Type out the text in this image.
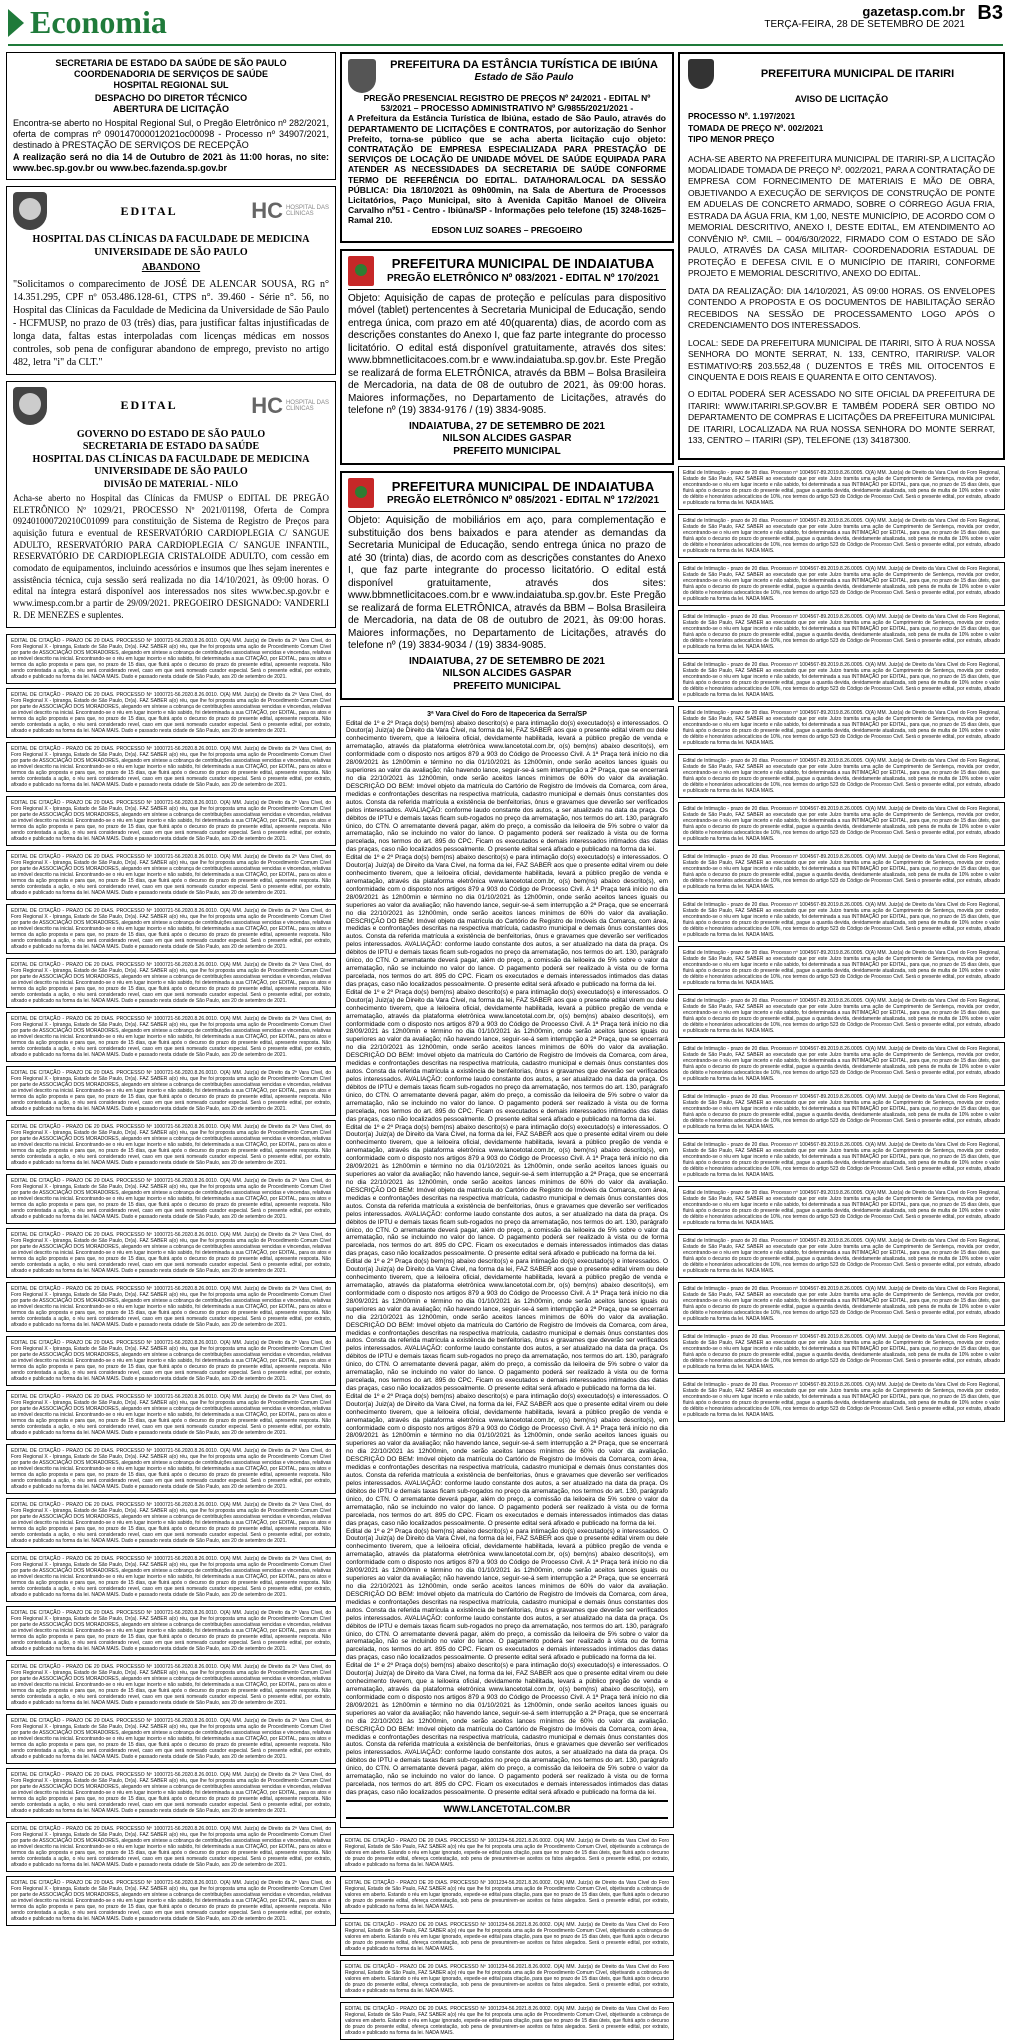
Economia	gazetasp.com.br
TERÇA-FEIRA, 28 DE SETEMBRO DE 2021
B3
SECRETARIA DE ESTADO DA SAÚDE DE SÃO PAULO
COORDENADORIA DE SERVIÇOS DE SAÚDE
HOSPITAL REGIONAL SUL
DESPACHO DO DIRETOR TÉCNICO
ABERTURA DE LICITAÇÃO

Encontra-se aberto no Hospital Regional Sul, o Pregão Eletrônico nº 282/2021, oferta de compras nº 090147000012021oc00098 - Processo nº 34907/2021, destinado à PRESTAÇÃO DE SERVIÇOS DE RECEPÇÃO

A realização será no dia 14 de Outubro de 2021 às 11:00 horas, no site: www.bec.sp.gov.br ou www.bec.fazenda.sp.gov.br

EDITAL	HC HOSPITAL DAS
CLÍNICAS
HOSPITAL DAS CLÍNICAS DA FACULDADE DE MEDICINA
UNIVERSIDADE DE SÃO PAULO
ABANDONO

"Solicitamos o comparecimento de JOSÉ DE ALENCAR SOUSA, RG n° 14.351.295, CPF nº 053.486.128-61, CTPS n°. 39.460 - Série n°. 56, no Hospital das Clínicas da Faculdade de Medicina da Universidade de São Paulo - HCFMUSP, no prazo de 03 (três) dias, para justificar faltas injustificadas de longa data, faltas estas interpoladas com licenças médicas em nossos controles, sob pena de configurar abandono de emprego, previsto no artigo 482, letra "i" da CLT."

EDITAL	HC HOSPITAL DAS
CLÍNICAS
GOVERNO DO ESTADO DE SÃO PAULO
SECRETARIA DE ESTADO DA SAÚDE
HOSPITAL DAS CLÍNICAS DA FACULDADE DE MEDICINA
UNIVERSIDADE DE SÃO PAULO
DIVISÃO DE MATERIAL - NILO

Acha-se aberto no Hospital das Clínicas da FMUSP o EDITAL DE PREGÃO ELETRÔNICO Nº 1029/21, PROCESSO Nº 2021/01198, Oferta de Compra 092401000720210C01099 para constituição de Sistema de Registro de Preços para aquisição futura e eventual de RESERVATÓRIO CARDIOPLEGIA C/ SANGUE ADULTO, RESERVATÓRIO PARA CARDIOPLEGIA C/ SANGUE INFANTIL, RESERVATÓRIO DE CARDIOPLEGIA CRISTALOIDE ADULTO, com cessão em comodato de equipamentos, incluindo acessórios e insumos que lhes sejam inerentes e assistência técnica, cuja sessão será realizada no dia 14/10/2021, às 09:00 horas. O edital na íntegra estará disponível aos interessados nos sites www.bec.sp.gov.br e www.imesp.com.br a partir de 29/09/2021. PREGOEIRO DESIGNADO: VANDERLI R. DE MENEZES e suplentes.

EDITAL DE CITAÇÃO - PRAZO DE 20 DIAS. PROCESSO Nº 1000721-56.2020.8.26.0010. O(A) MM. Juiz(a) de Direito da 2ª Vara Cível, do Foro Regional X - Ipiranga, Estado de São Paulo, Dr(a). FAZ SABER a(o) réu, que lhe foi proposta uma ação de Procedimento Comum Cível por parte de ASSOCIAÇÃO DOS MORADORES, alegando em síntese a cobrança de contribuições associativas vencidas e vincendas, relativas ao imóvel descrito na inicial. Encontrando-se o réu em lugar incerto e não sabido, foi determinada a sua CITAÇÃO, por EDITAL, para os atos e termos da ação proposta e para que, no prazo de 15 dias, que fluirá após o decurso do prazo do presente edital, apresente resposta. Não sendo contestada a ação, o réu será considerado revel, caso em que será nomeado curador especial. Será o presente edital, por extrato, afixado e publicado na forma da lei. NADA MAIS. Dado e passado nesta cidade de São Paulo, aos 20 de setembro de 2021.

EDITAL DE CITAÇÃO - PRAZO DE 20 DIAS. PROCESSO Nº 1000721-56.2020.8.26.0010. O(A) MM. Juiz(a) de Direito da 2ª Vara Cível, do Foro Regional X - Ipiranga, Estado de São Paulo, Dr(a). FAZ SABER a(o) réu, que lhe foi proposta uma ação de Procedimento Comum Cível por parte de ASSOCIAÇÃO DOS MORADORES, alegando em síntese a cobrança de contribuições associativas vencidas e vincendas, relativas ao imóvel descrito na inicial. Encontrando-se o réu em lugar incerto e não sabido, foi determinada a sua CITAÇÃO, por EDITAL, para os atos e termos da ação proposta e para que, no prazo de 15 dias, que fluirá após o decurso do prazo do presente edital, apresente resposta. Não sendo contestada a ação, o réu será considerado revel, caso em que será nomeado curador especial. Será o presente edital, por extrato, afixado e publicado na forma da lei. NADA MAIS. Dado e passado nesta cidade de São Paulo, aos 20 de setembro de 2021.

EDITAL DE CITAÇÃO - PRAZO DE 20 DIAS. PROCESSO Nº 1000721-56.2020.8.26.0010. O(A) MM. Juiz(a) de Direito da 2ª Vara Cível, do Foro Regional X - Ipiranga, Estado de São Paulo, Dr(a). FAZ SABER a(o) réu, que lhe foi proposta uma ação de Procedimento Comum Cível por parte de ASSOCIAÇÃO DOS MORADORES, alegando em síntese a cobrança de contribuições associativas vencidas e vincendas, relativas ao imóvel descrito na inicial. Encontrando-se o réu em lugar incerto e não sabido, foi determinada a sua CITAÇÃO, por EDITAL, para os atos e termos da ação proposta e para que, no prazo de 15 dias, que fluirá após o decurso do prazo do presente edital, apresente resposta. Não sendo contestada a ação, o réu será considerado revel, caso em que será nomeado curador especial. Será o presente edital, por extrato, afixado e publicado na forma da lei. NADA MAIS. Dado e passado nesta cidade de São Paulo, aos 20 de setembro de 2021.

EDITAL DE CITAÇÃO - PRAZO DE 20 DIAS. PROCESSO Nº 1000721-56.2020.8.26.0010. O(A) MM. Juiz(a) de Direito da 2ª Vara Cível, do Foro Regional X - Ipiranga, Estado de São Paulo, Dr(a). FAZ SABER a(o) réu, que lhe foi proposta uma ação de Procedimento Comum Cível por parte de ASSOCIAÇÃO DOS MORADORES, alegando em síntese a cobrança de contribuições associativas vencidas e vincendas, relativas ao imóvel descrito na inicial. Encontrando-se o réu em lugar incerto e não sabido, foi determinada a sua CITAÇÃO, por EDITAL, para os atos e termos da ação proposta e para que, no prazo de 15 dias, que fluirá após o decurso do prazo do presente edital, apresente resposta. Não sendo contestada a ação, o réu será considerado revel, caso em que será nomeado curador especial. Será o presente edital, por extrato, afixado e publicado na forma da lei. NADA MAIS. Dado e passado nesta cidade de São Paulo, aos 20 de setembro de 2021.

EDITAL DE CITAÇÃO - PRAZO DE 20 DIAS. PROCESSO Nº 1000721-56.2020.8.26.0010. O(A) MM. Juiz(a) de Direito da 2ª Vara Cível, do Foro Regional X - Ipiranga, Estado de São Paulo, Dr(a). FAZ SABER a(o) réu, que lhe foi proposta uma ação de Procedimento Comum Cível por parte de ASSOCIAÇÃO DOS MORADORES, alegando em síntese a cobrança de contribuições associativas vencidas e vincendas, relativas ao imóvel descrito na inicial. Encontrando-se o réu em lugar incerto e não sabido, foi determinada a sua CITAÇÃO, por EDITAL, para os atos e termos da ação proposta e para que, no prazo de 15 dias, que fluirá após o decurso do prazo do presente edital, apresente resposta. Não sendo contestada a ação, o réu será considerado revel, caso em que será nomeado curador especial. Será o presente edital, por extrato, afixado e publicado na forma da lei. NADA MAIS. Dado e passado nesta cidade de São Paulo, aos 20 de setembro de 2021.

EDITAL DE CITAÇÃO - PRAZO DE 20 DIAS. PROCESSO Nº 1000721-56.2020.8.26.0010. O(A) MM. Juiz(a) de Direito da 2ª Vara Cível, do Foro Regional X - Ipiranga, Estado de São Paulo, Dr(a). FAZ SABER a(o) réu, que lhe foi proposta uma ação de Procedimento Comum Cível por parte de ASSOCIAÇÃO DOS MORADORES, alegando em síntese a cobrança de contribuições associativas vencidas e vincendas, relativas ao imóvel descrito na inicial. Encontrando-se o réu em lugar incerto e não sabido, foi determinada a sua CITAÇÃO, por EDITAL, para os atos e termos da ação proposta e para que, no prazo de 15 dias, que fluirá após o decurso do prazo do presente edital, apresente resposta. Não sendo contestada a ação, o réu será considerado revel, caso em que será nomeado curador especial. Será o presente edital, por extrato, afixado e publicado na forma da lei. NADA MAIS. Dado e passado nesta cidade de São Paulo, aos 20 de setembro de 2021.

EDITAL DE CITAÇÃO - PRAZO DE 20 DIAS. PROCESSO Nº 1000721-56.2020.8.26.0010. O(A) MM. Juiz(a) de Direito da 2ª Vara Cível, do Foro Regional X - Ipiranga, Estado de São Paulo, Dr(a). FAZ SABER a(o) réu, que lhe foi proposta uma ação de Procedimento Comum Cível por parte de ASSOCIAÇÃO DOS MORADORES, alegando em síntese a cobrança de contribuições associativas vencidas e vincendas, relativas ao imóvel descrito na inicial. Encontrando-se o réu em lugar incerto e não sabido, foi determinada a sua CITAÇÃO, por EDITAL, para os atos e termos da ação proposta e para que, no prazo de 15 dias, que fluirá após o decurso do prazo do presente edital, apresente resposta. Não sendo contestada a ação, o réu será considerado revel, caso em que será nomeado curador especial. Será o presente edital, por extrato, afixado e publicado na forma da lei. NADA MAIS. Dado e passado nesta cidade de São Paulo, aos 20 de setembro de 2021.

EDITAL DE CITAÇÃO - PRAZO DE 20 DIAS. PROCESSO Nº 1000721-56.2020.8.26.0010. O(A) MM. Juiz(a) de Direito da 2ª Vara Cível, do Foro Regional X - Ipiranga, Estado de São Paulo, Dr(a). FAZ SABER a(o) réu, que lhe foi proposta uma ação de Procedimento Comum Cível por parte de ASSOCIAÇÃO DOS MORADORES, alegando em síntese a cobrança de contribuições associativas vencidas e vincendas, relativas ao imóvel descrito na inicial. Encontrando-se o réu em lugar incerto e não sabido, foi determinada a sua CITAÇÃO, por EDITAL, para os atos e termos da ação proposta e para que, no prazo de 15 dias, que fluirá após o decurso do prazo do presente edital, apresente resposta. Não sendo contestada a ação, o réu será considerado revel, caso em que será nomeado curador especial. Será o presente edital, por extrato, afixado e publicado na forma da lei. NADA MAIS. Dado e passado nesta cidade de São Paulo, aos 20 de setembro de 2021.

EDITAL DE CITAÇÃO - PRAZO DE 20 DIAS. PROCESSO Nº 1000721-56.2020.8.26.0010. O(A) MM. Juiz(a) de Direito da 2ª Vara Cível, do Foro Regional X - Ipiranga, Estado de São Paulo, Dr(a). FAZ SABER a(o) réu, que lhe foi proposta uma ação de Procedimento Comum Cível por parte de ASSOCIAÇÃO DOS MORADORES, alegando em síntese a cobrança de contribuições associativas vencidas e vincendas, relativas ao imóvel descrito na inicial. Encontrando-se o réu em lugar incerto e não sabido, foi determinada a sua CITAÇÃO, por EDITAL, para os atos e termos da ação proposta e para que, no prazo de 15 dias, que fluirá após o decurso do prazo do presente edital, apresente resposta. Não sendo contestada a ação, o réu será considerado revel, caso em que será nomeado curador especial. Será o presente edital, por extrato, afixado e publicado na forma da lei. NADA MAIS. Dado e passado nesta cidade de São Paulo, aos 20 de setembro de 2021.

EDITAL DE CITAÇÃO - PRAZO DE 20 DIAS. PROCESSO Nº 1000721-56.2020.8.26.0010. O(A) MM. Juiz(a) de Direito da 2ª Vara Cível, do Foro Regional X - Ipiranga, Estado de São Paulo, Dr(a). FAZ SABER a(o) réu, que lhe foi proposta uma ação de Procedimento Comum Cível por parte de ASSOCIAÇÃO DOS MORADORES, alegando em síntese a cobrança de contribuições associativas vencidas e vincendas, relativas ao imóvel descrito na inicial. Encontrando-se o réu em lugar incerto e não sabido, foi determinada a sua CITAÇÃO, por EDITAL, para os atos e termos da ação proposta e para que, no prazo de 15 dias, que fluirá após o decurso do prazo do presente edital, apresente resposta. Não sendo contestada a ação, o réu será considerado revel, caso em que será nomeado curador especial. Será o presente edital, por extrato, afixado e publicado na forma da lei. NADA MAIS. Dado e passado nesta cidade de São Paulo, aos 20 de setembro de 2021.

EDITAL DE CITAÇÃO - PRAZO DE 20 DIAS. PROCESSO Nº 1000721-56.2020.8.26.0010. O(A) MM. Juiz(a) de Direito da 2ª Vara Cível, do Foro Regional X - Ipiranga, Estado de São Paulo, Dr(a). FAZ SABER a(o) réu, que lhe foi proposta uma ação de Procedimento Comum Cível por parte de ASSOCIAÇÃO DOS MORADORES, alegando em síntese a cobrança de contribuições associativas vencidas e vincendas, relativas ao imóvel descrito na inicial. Encontrando-se o réu em lugar incerto e não sabido, foi determinada a sua CITAÇÃO, por EDITAL, para os atos e termos da ação proposta e para que, no prazo de 15 dias, que fluirá após o decurso do prazo do presente edital, apresente resposta. Não sendo contestada a ação, o réu será considerado revel, caso em que será nomeado curador especial. Será o presente edital, por extrato, afixado e publicado na forma da lei. NADA MAIS. Dado e passado nesta cidade de São Paulo, aos 20 de setembro de 2021.

EDITAL DE CITAÇÃO - PRAZO DE 20 DIAS. PROCESSO Nº 1000721-56.2020.8.26.0010. O(A) MM. Juiz(a) de Direito da 2ª Vara Cível, do Foro Regional X - Ipiranga, Estado de São Paulo, Dr(a). FAZ SABER a(o) réu, que lhe foi proposta uma ação de Procedimento Comum Cível por parte de ASSOCIAÇÃO DOS MORADORES, alegando em síntese a cobrança de contribuições associativas vencidas e vincendas, relativas ao imóvel descrito na inicial. Encontrando-se o réu em lugar incerto e não sabido, foi determinada a sua CITAÇÃO, por EDITAL, para os atos e termos da ação proposta e para que, no prazo de 15 dias, que fluirá após o decurso do prazo do presente edital, apresente resposta. Não sendo contestada a ação, o réu será considerado revel, caso em que será nomeado curador especial. Será o presente edital, por extrato, afixado e publicado na forma da lei. NADA MAIS. Dado e passado nesta cidade de São Paulo, aos 20 de setembro de 2021.

EDITAL DE CITAÇÃO - PRAZO DE 20 DIAS. PROCESSO Nº 1000721-56.2020.8.26.0010. O(A) MM. Juiz(a) de Direito da 2ª Vara Cível, do Foro Regional X - Ipiranga, Estado de São Paulo, Dr(a). FAZ SABER a(o) réu, que lhe foi proposta uma ação de Procedimento Comum Cível por parte de ASSOCIAÇÃO DOS MORADORES, alegando em síntese a cobrança de contribuições associativas vencidas e vincendas, relativas ao imóvel descrito na inicial. Encontrando-se o réu em lugar incerto e não sabido, foi determinada a sua CITAÇÃO, por EDITAL, para os atos e termos da ação proposta e para que, no prazo de 15 dias, que fluirá após o decurso do prazo do presente edital, apresente resposta. Não sendo contestada a ação, o réu será considerado revel, caso em que será nomeado curador especial. Será o presente edital, por extrato, afixado e publicado na forma da lei. NADA MAIS. Dado e passado nesta cidade de São Paulo, aos 20 de setembro de 2021.

EDITAL DE CITAÇÃO - PRAZO DE 20 DIAS. PROCESSO Nº 1000721-56.2020.8.26.0010. O(A) MM. Juiz(a) de Direito da 2ª Vara Cível, do Foro Regional X - Ipiranga, Estado de São Paulo, Dr(a). FAZ SABER a(o) réu, que lhe foi proposta uma ação de Procedimento Comum Cível por parte de ASSOCIAÇÃO DOS MORADORES, alegando em síntese a cobrança de contribuições associativas vencidas e vincendas, relativas ao imóvel descrito na inicial. Encontrando-se o réu em lugar incerto e não sabido, foi determinada a sua CITAÇÃO, por EDITAL, para os atos e termos da ação proposta e para que, no prazo de 15 dias, que fluirá após o decurso do prazo do presente edital, apresente resposta. Não sendo contestada a ação, o réu será considerado revel, caso em que será nomeado curador especial. Será o presente edital, por extrato, afixado e publicado na forma da lei. NADA MAIS. Dado e passado nesta cidade de São Paulo, aos 20 de setembro de 2021.

EDITAL DE CITAÇÃO - PRAZO DE 20 DIAS. PROCESSO Nº 1000721-56.2020.8.26.0010. O(A) MM. Juiz(a) de Direito da 2ª Vara Cível, do Foro Regional X - Ipiranga, Estado de São Paulo, Dr(a). FAZ SABER a(o) réu, que lhe foi proposta uma ação de Procedimento Comum Cível por parte de ASSOCIAÇÃO DOS MORADORES, alegando em síntese a cobrança de contribuições associativas vencidas e vincendas, relativas ao imóvel descrito na inicial. Encontrando-se o réu em lugar incerto e não sabido, foi determinada a sua CITAÇÃO, por EDITAL, para os atos e termos da ação proposta e para que, no prazo de 15 dias, que fluirá após o decurso do prazo do presente edital, apresente resposta. Não sendo contestada a ação, o réu será considerado revel, caso em que será nomeado curador especial. Será o presente edital, por extrato, afixado e publicado na forma da lei. NADA MAIS. Dado e passado nesta cidade de São Paulo, aos 20 de setembro de 2021.

EDITAL DE CITAÇÃO - PRAZO DE 20 DIAS. PROCESSO Nº 1000721-56.2020.8.26.0010. O(A) MM. Juiz(a) de Direito da 2ª Vara Cível, do Foro Regional X - Ipiranga, Estado de São Paulo, Dr(a). FAZ SABER a(o) réu, que lhe foi proposta uma ação de Procedimento Comum Cível por parte de ASSOCIAÇÃO DOS MORADORES, alegando em síntese a cobrança de contribuições associativas vencidas e vincendas, relativas ao imóvel descrito na inicial. Encontrando-se o réu em lugar incerto e não sabido, foi determinada a sua CITAÇÃO, por EDITAL, para os atos e termos da ação proposta e para que, no prazo de 15 dias, que fluirá após o decurso do prazo do presente edital, apresente resposta. Não sendo contestada a ação, o réu será considerado revel, caso em que será nomeado curador especial. Será o presente edital, por extrato, afixado e publicado na forma da lei. NADA MAIS. Dado e passado nesta cidade de São Paulo, aos 20 de setembro de 2021.

EDITAL DE CITAÇÃO - PRAZO DE 20 DIAS. PROCESSO Nº 1000721-56.2020.8.26.0010. O(A) MM. Juiz(a) de Direito da 2ª Vara Cível, do Foro Regional X - Ipiranga, Estado de São Paulo, Dr(a). FAZ SABER a(o) réu, que lhe foi proposta uma ação de Procedimento Comum Cível por parte de ASSOCIAÇÃO DOS MORADORES, alegando em síntese a cobrança de contribuições associativas vencidas e vincendas, relativas ao imóvel descrito na inicial. Encontrando-se o réu em lugar incerto e não sabido, foi determinada a sua CITAÇÃO, por EDITAL, para os atos e termos da ação proposta e para que, no prazo de 15 dias, que fluirá após o decurso do prazo do presente edital, apresente resposta. Não sendo contestada a ação, o réu será considerado revel, caso em que será nomeado curador especial. Será o presente edital, por extrato, afixado e publicado na forma da lei. NADA MAIS. Dado e passado nesta cidade de São Paulo, aos 20 de setembro de 2021.

EDITAL DE CITAÇÃO - PRAZO DE 20 DIAS. PROCESSO Nº 1000721-56.2020.8.26.0010. O(A) MM. Juiz(a) de Direito da 2ª Vara Cível, do Foro Regional X - Ipiranga, Estado de São Paulo, Dr(a). FAZ SABER a(o) réu, que lhe foi proposta uma ação de Procedimento Comum Cível por parte de ASSOCIAÇÃO DOS MORADORES, alegando em síntese a cobrança de contribuições associativas vencidas e vincendas, relativas ao imóvel descrito na inicial. Encontrando-se o réu em lugar incerto e não sabido, foi determinada a sua CITAÇÃO, por EDITAL, para os atos e termos da ação proposta e para que, no prazo de 15 dias, que fluirá após o decurso do prazo do presente edital, apresente resposta. Não sendo contestada a ação, o réu será considerado revel, caso em que será nomeado curador especial. Será o presente edital, por extrato, afixado e publicado na forma da lei. NADA MAIS. Dado e passado nesta cidade de São Paulo, aos 20 de setembro de 2021.

EDITAL DE CITAÇÃO - PRAZO DE 20 DIAS. PROCESSO Nº 1000721-56.2020.8.26.0010. O(A) MM. Juiz(a) de Direito da 2ª Vara Cível, do Foro Regional X - Ipiranga, Estado de São Paulo, Dr(a). FAZ SABER a(o) réu, que lhe foi proposta uma ação de Procedimento Comum Cível por parte de ASSOCIAÇÃO DOS MORADORES, alegando em síntese a cobrança de contribuições associativas vencidas e vincendas, relativas ao imóvel descrito na inicial. Encontrando-se o réu em lugar incerto e não sabido, foi determinada a sua CITAÇÃO, por EDITAL, para os atos e termos da ação proposta e para que, no prazo de 15 dias, que fluirá após o decurso do prazo do presente edital, apresente resposta. Não sendo contestada a ação, o réu será considerado revel, caso em que será nomeado curador especial. Será o presente edital, por extrato, afixado e publicado na forma da lei. NADA MAIS. Dado e passado nesta cidade de São Paulo, aos 20 de setembro de 2021.

EDITAL DE CITAÇÃO - PRAZO DE 20 DIAS. PROCESSO Nº 1000721-56.2020.8.26.0010. O(A) MM. Juiz(a) de Direito da 2ª Vara Cível, do Foro Regional X - Ipiranga, Estado de São Paulo, Dr(a). FAZ SABER a(o) réu, que lhe foi proposta uma ação de Procedimento Comum Cível por parte de ASSOCIAÇÃO DOS MORADORES, alegando em síntese a cobrança de contribuições associativas vencidas e vincendas, relativas ao imóvel descrito na inicial. Encontrando-se o réu em lugar incerto e não sabido, foi determinada a sua CITAÇÃO, por EDITAL, para os atos e termos da ação proposta e para que, no prazo de 15 dias, que fluirá após o decurso do prazo do presente edital, apresente resposta. Não sendo contestada a ação, o réu será considerado revel, caso em que será nomeado curador especial. Será o presente edital, por extrato, afixado e publicado na forma da lei. NADA MAIS. Dado e passado nesta cidade de São Paulo, aos 20 de setembro de 2021.

EDITAL DE CITAÇÃO - PRAZO DE 20 DIAS. PROCESSO Nº 1000721-56.2020.8.26.0010. O(A) MM. Juiz(a) de Direito da 2ª Vara Cível, do Foro Regional X - Ipiranga, Estado de São Paulo, Dr(a). FAZ SABER a(o) réu, que lhe foi proposta uma ação de Procedimento Comum Cível por parte de ASSOCIAÇÃO DOS MORADORES, alegando em síntese a cobrança de contribuições associativas vencidas e vincendas, relativas ao imóvel descrito na inicial. Encontrando-se o réu em lugar incerto e não sabido, foi determinada a sua CITAÇÃO, por EDITAL, para os atos e termos da ação proposta e para que, no prazo de 15 dias, que fluirá após o decurso do prazo do presente edital, apresente resposta. Não sendo contestada a ação, o réu será considerado revel, caso em que será nomeado curador especial. Será o presente edital, por extrato, afixado e publicado na forma da lei. NADA MAIS. Dado e passado nesta cidade de São Paulo, aos 20 de setembro de 2021.

EDITAL DE CITAÇÃO - PRAZO DE 20 DIAS. PROCESSO Nº 1000721-56.2020.8.26.0010. O(A) MM. Juiz(a) de Direito da 2ª Vara Cível, do Foro Regional X - Ipiranga, Estado de São Paulo, Dr(a). FAZ SABER a(o) réu, que lhe foi proposta uma ação de Procedimento Comum Cível por parte de ASSOCIAÇÃO DOS MORADORES, alegando em síntese a cobrança de contribuições associativas vencidas e vincendas, relativas ao imóvel descrito na inicial. Encontrando-se o réu em lugar incerto e não sabido, foi determinada a sua CITAÇÃO, por EDITAL, para os atos e termos da ação proposta e para que, no prazo de 15 dias, que fluirá após o decurso do prazo do presente edital, apresente resposta. Não sendo contestada a ação, o réu será considerado revel, caso em que será nomeado curador especial. Será o presente edital, por extrato, afixado e publicado na forma da lei. NADA MAIS. Dado e passado nesta cidade de São Paulo, aos 20 de setembro de 2021.

EDITAL DE CITAÇÃO - PRAZO DE 20 DIAS. PROCESSO Nº 1000721-56.2020.8.26.0010. O(A) MM. Juiz(a) de Direito da 2ª Vara Cível, do Foro Regional X - Ipiranga, Estado de São Paulo, Dr(a). FAZ SABER a(o) réu, que lhe foi proposta uma ação de Procedimento Comum Cível por parte de ASSOCIAÇÃO DOS MORADORES, alegando em síntese a cobrança de contribuições associativas vencidas e vincendas, relativas ao imóvel descrito na inicial. Encontrando-se o réu em lugar incerto e não sabido, foi determinada a sua CITAÇÃO, por EDITAL, para os atos e termos da ação proposta e para que, no prazo de 15 dias, que fluirá após o decurso do prazo do presente edital, apresente resposta. Não sendo contestada a ação, o réu será considerado revel, caso em que será nomeado curador especial. Será o presente edital, por extrato, afixado e publicado na forma da lei. NADA MAIS. Dado e passado nesta cidade de São Paulo, aos 20 de setembro de 2021.

EDITAL DE CITAÇÃO - PRAZO DE 20 DIAS. PROCESSO Nº 1000721-56.2020.8.26.0010. O(A) MM. Juiz(a) de Direito da 2ª Vara Cível, do Foro Regional X - Ipiranga, Estado de São Paulo, Dr(a). FAZ SABER a(o) réu, que lhe foi proposta uma ação de Procedimento Comum Cível por parte de ASSOCIAÇÃO DOS MORADORES, alegando em síntese a cobrança de contribuições associativas vencidas e vincendas, relativas ao imóvel descrito na inicial. Encontrando-se o réu em lugar incerto e não sabido, foi determinada a sua CITAÇÃO, por EDITAL, para os atos e termos da ação proposta e para que, no prazo de 15 dias, que fluirá após o decurso do prazo do presente edital, apresente resposta. Não sendo contestada a ação, o réu será considerado revel, caso em que será nomeado curador especial. Será o presente edital, por extrato, afixado e publicado na forma da lei. NADA MAIS. Dado e passado nesta cidade de São Paulo, aos 20 de setembro de 2021.

PREFEITURA DA ESTÂNCIA TURÍSTICA DE IBIÚNA
Estado de São Paulo

PREGÃO PRESENCIAL REGISTRO DE PREÇOS Nº 24/2021 - EDITAL Nº 53/2021 – PROCESSO ADMINISTRATIVO Nº G/9855/2021/2021 -

A Prefeitura da Estância Turística de Ibiúna, estado de São Paulo, através do DEPARTAMENTO DE LICITAÇÕES E CONTRATOS, por autorização do Senhor Prefeito, torna-se público que se acha aberta licitação cujo objeto: CONTRATAÇÃO DE EMPRESA ESPECIALIZADA PARA PRESTAÇÃO DE SERVIÇOS DE LOCAÇÃO DE UNIDADE MÓVEL DE SAÚDE EQUIPADA PARA ATENDER AS NECESSIDADES DA SECRETARIA DE SAÚDE CONFORME TERMO DE REFERÊNCIA DO EDITAL. DATA/HORA/LOCAL DA SESSÃO PÚBLICA: Dia 18/10/2021 às 09h00min, na Sala de Abertura de Processos Licitatórios, Paço Municipal, sito à Avenida Capitão Manoel de Oliveira Carvalho nº51 - Centro - Ibiúna/SP - Informações pelo telefone (15) 3248-1625– Ramal 210.

EDSON LUIZ SOARES – PREGOEIRO

PREFEITURA MUNICIPAL DE INDAIATUBA
PREGÃO ELETRÔNICO Nº 083/2021 - EDITAL Nº 170/2021

Objeto: Aquisição de capas de proteção e películas para dispositivo móvel (tablet) pertencentes à Secretaria Municipal de Educação, sendo entrega única, com prazo em até 40(quarenta) dias, de acordo com as descrições constantes do Anexo I, que faz parte integrante do processo licitatório. O edital está disponível gratuitamente, através dos sites: www.bbmnetlicitacoes.com.br e www.indaiatuba.sp.gov.br. Este Pregão se realizará de forma ELETRÔNICA, através da BBM – Bolsa Brasileira de Mercadoria, na data de 08 de outubro de 2021, às 09:00 horas. Maiores informações, no Departamento de Licitações, através do telefone nº (19) 3834-9176 / (19) 3834-9085.

INDAIATUBA, 27 DE SETEMBRO DE 2021
NILSON ALCIDES GASPAR
PREFEITO MUNICIPAL
PREFEITURA MUNICIPAL DE INDAIATUBA
PREGÃO ELETRÔNICO Nº 085/2021 - EDITAL Nº 172/2021

Objeto: Aquisição de mobiliários em aço, para complementação e substituição dos bens baixados e para atender as demandas da Secretaria Municipal de Educação, sendo entrega única no prazo de até 30 (trinta) dias, de acordo com as descrições constantes do Anexo I, que faz parte integrante do processo licitatório. O edital está disponível gratuitamente, através dos sites: www.bbmnetlicitacoes.com.br e www.indaiatuba.sp.gov.br. Este Pregão se realizará de forma ELETRÔNICA, através da BBM – Bolsa Brasileira de Mercadoria, na data de 08 de outubro de 2021, às 09:00 horas. Maiores informações, no Departamento de Licitações, através do telefone nº (19) 3834-9034 / (19) 3834-9085.

INDAIATUBA, 27 DE SETEMBRO DE 2021
NILSON ALCIDES GASPAR
PREFEITO MUNICIPAL
3ª Vara Cível do Foro de Itapecerica da Serra/SP

Edital de 1º e 2º Praça do(s) bem(ns) abaixo descrito(s) e para intimação do(s) executado(s) e interessados. O Doutor(a) Juiz(a) de Direito da Vara Cível, na forma da lei, FAZ SABER aos que o presente edital virem ou dele conhecimento tiverem, que a leiloeira oficial, devidamente habilitada, levará a público pregão de venda e arrematação, através da plataforma eletrônica www.lancetotal.com.br, o(s) bem(ns) abaixo descrito(s), em conformidade com o disposto nos artigos 879 a 903 do Código de Processo Civil. A 1ª Praça terá início no dia 28/09/2021 às 12h00min e término no dia 01/10/2021 às 12h00min, onde serão aceitos lances iguais ou superiores ao valor da avaliação; não havendo lance, seguir-se-á sem interrupção a 2ª Praça, que se encerrará no dia 22/10/2021 às 12h00min, onde serão aceitos lances mínimos de 60% do valor da avaliação. DESCRIÇÃO DO BEM: Imóvel objeto da matrícula do Cartório de Registro de Imóveis da Comarca, com área, medidas e confrontações descritas na respectiva matrícula, cadastro municipal e demais ônus constantes dos autos. Consta da referida matrícula a existência de benfeitorias, ônus e gravames que deverão ser verificados pelos interessados. AVALIAÇÃO: conforme laudo constante dos autos, a ser atualizado na data da praça. Os débitos de IPTU e demais taxas ficam sub-rogados no preço da arrematação, nos termos do art. 130, parágrafo único, do CTN. O arrematante deverá pagar, além do preço, a comissão da leiloeira de 5% sobre o valor da arrematação, não se incluindo no valor do lance. O pagamento poderá ser realizado à vista ou de forma parcelada, nos termos do art. 895 do CPC. Ficam os executados e demais interessados intimados das datas das praças, caso não localizados pessoalmente. O presente edital será afixado e publicado na forma da lei.

Edital de 1º e 2º Praça do(s) bem(ns) abaixo descrito(s) e para intimação do(s) executado(s) e interessados. O Doutor(a) Juiz(a) de Direito da Vara Cível, na forma da lei, FAZ SABER aos que o presente edital virem ou dele conhecimento tiverem, que a leiloeira oficial, devidamente habilitada, levará a público pregão de venda e arrematação, através da plataforma eletrônica www.lancetotal.com.br, o(s) bem(ns) abaixo descrito(s), em conformidade com o disposto nos artigos 879 a 903 do Código de Processo Civil. A 1ª Praça terá início no dia 28/09/2021 às 12h00min e término no dia 01/10/2021 às 12h00min, onde serão aceitos lances iguais ou superiores ao valor da avaliação; não havendo lance, seguir-se-á sem interrupção a 2ª Praça, que se encerrará no dia 22/10/2021 às 12h00min, onde serão aceitos lances mínimos de 60% do valor da avaliação. DESCRIÇÃO DO BEM: Imóvel objeto da matrícula do Cartório de Registro de Imóveis da Comarca, com área, medidas e confrontações descritas na respectiva matrícula, cadastro municipal e demais ônus constantes dos autos. Consta da referida matrícula a existência de benfeitorias, ônus e gravames que deverão ser verificados pelos interessados. AVALIAÇÃO: conforme laudo constante dos autos, a ser atualizado na data da praça. Os débitos de IPTU e demais taxas ficam sub-rogados no preço da arrematação, nos termos do art. 130, parágrafo único, do CTN. O arrematante deverá pagar, além do preço, a comissão da leiloeira de 5% sobre o valor da arrematação, não se incluindo no valor do lance. O pagamento poderá ser realizado à vista ou de forma parcelada, nos termos do art. 895 do CPC. Ficam os executados e demais interessados intimados das datas das praças, caso não localizados pessoalmente. O presente edital será afixado e publicado na forma da lei.

Edital de 1º e 2º Praça do(s) bem(ns) abaixo descrito(s) e para intimação do(s) executado(s) e interessados. O Doutor(a) Juiz(a) de Direito da Vara Cível, na forma da lei, FAZ SABER aos que o presente edital virem ou dele conhecimento tiverem, que a leiloeira oficial, devidamente habilitada, levará a público pregão de venda e arrematação, através da plataforma eletrônica www.lancetotal.com.br, o(s) bem(ns) abaixo descrito(s), em conformidade com o disposto nos artigos 879 a 903 do Código de Processo Civil. A 1ª Praça terá início no dia 28/09/2021 às 12h00min e término no dia 01/10/2021 às 12h00min, onde serão aceitos lances iguais ou superiores ao valor da avaliação; não havendo lance, seguir-se-á sem interrupção a 2ª Praça, que se encerrará no dia 22/10/2021 às 12h00min, onde serão aceitos lances mínimos de 60% do valor da avaliação. DESCRIÇÃO DO BEM: Imóvel objeto da matrícula do Cartório de Registro de Imóveis da Comarca, com área, medidas e confrontações descritas na respectiva matrícula, cadastro municipal e demais ônus constantes dos autos. Consta da referida matrícula a existência de benfeitorias, ônus e gravames que deverão ser verificados pelos interessados. AVALIAÇÃO: conforme laudo constante dos autos, a ser atualizado na data da praça. Os débitos de IPTU e demais taxas ficam sub-rogados no preço da arrematação, nos termos do art. 130, parágrafo único, do CTN. O arrematante deverá pagar, além do preço, a comissão da leiloeira de 5% sobre o valor da arrematação, não se incluindo no valor do lance. O pagamento poderá ser realizado à vista ou de forma parcelada, nos termos do art. 895 do CPC. Ficam os executados e demais interessados intimados das datas das praças, caso não localizados pessoalmente. O presente edital será afixado e publicado na forma da lei.

Edital de 1º e 2º Praça do(s) bem(ns) abaixo descrito(s) e para intimação do(s) executado(s) e interessados. O Doutor(a) Juiz(a) de Direito da Vara Cível, na forma da lei, FAZ SABER aos que o presente edital virem ou dele conhecimento tiverem, que a leiloeira oficial, devidamente habilitada, levará a público pregão de venda e arrematação, através da plataforma eletrônica www.lancetotal.com.br, o(s) bem(ns) abaixo descrito(s), em conformidade com o disposto nos artigos 879 a 903 do Código de Processo Civil. A 1ª Praça terá início no dia 28/09/2021 às 12h00min e término no dia 01/10/2021 às 12h00min, onde serão aceitos lances iguais ou superiores ao valor da avaliação; não havendo lance, seguir-se-á sem interrupção a 2ª Praça, que se encerrará no dia 22/10/2021 às 12h00min, onde serão aceitos lances mínimos de 60% do valor da avaliação. DESCRIÇÃO DO BEM: Imóvel objeto da matrícula do Cartório de Registro de Imóveis da Comarca, com área, medidas e confrontações descritas na respectiva matrícula, cadastro municipal e demais ônus constantes dos autos. Consta da referida matrícula a existência de benfeitorias, ônus e gravames que deverão ser verificados pelos interessados. AVALIAÇÃO: conforme laudo constante dos autos, a ser atualizado na data da praça. Os débitos de IPTU e demais taxas ficam sub-rogados no preço da arrematação, nos termos do art. 130, parágrafo único, do CTN. O arrematante deverá pagar, além do preço, a comissão da leiloeira de 5% sobre o valor da arrematação, não se incluindo no valor do lance. O pagamento poderá ser realizado à vista ou de forma parcelada, nos termos do art. 895 do CPC. Ficam os executados e demais interessados intimados das datas das praças, caso não localizados pessoalmente. O presente edital será afixado e publicado na forma da lei.

Edital de 1º e 2º Praça do(s) bem(ns) abaixo descrito(s) e para intimação do(s) executado(s) e interessados. O Doutor(a) Juiz(a) de Direito da Vara Cível, na forma da lei, FAZ SABER aos que o presente edital virem ou dele conhecimento tiverem, que a leiloeira oficial, devidamente habilitada, levará a público pregão de venda e arrematação, através da plataforma eletrônica www.lancetotal.com.br, o(s) bem(ns) abaixo descrito(s), em conformidade com o disposto nos artigos 879 a 903 do Código de Processo Civil. A 1ª Praça terá início no dia 28/09/2021 às 12h00min e término no dia 01/10/2021 às 12h00min, onde serão aceitos lances iguais ou superiores ao valor da avaliação; não havendo lance, seguir-se-á sem interrupção a 2ª Praça, que se encerrará no dia 22/10/2021 às 12h00min, onde serão aceitos lances mínimos de 60% do valor da avaliação. DESCRIÇÃO DO BEM: Imóvel objeto da matrícula do Cartório de Registro de Imóveis da Comarca, com área, medidas e confrontações descritas na respectiva matrícula, cadastro municipal e demais ônus constantes dos autos. Consta da referida matrícula a existência de benfeitorias, ônus e gravames que deverão ser verificados pelos interessados. AVALIAÇÃO: conforme laudo constante dos autos, a ser atualizado na data da praça. Os débitos de IPTU e demais taxas ficam sub-rogados no preço da arrematação, nos termos do art. 130, parágrafo único, do CTN. O arrematante deverá pagar, além do preço, a comissão da leiloeira de 5% sobre o valor da arrematação, não se incluindo no valor do lance. O pagamento poderá ser realizado à vista ou de forma parcelada, nos termos do art. 895 do CPC. Ficam os executados e demais interessados intimados das datas das praças, caso não localizados pessoalmente. O presente edital será afixado e publicado na forma da lei.

Edital de 1º e 2º Praça do(s) bem(ns) abaixo descrito(s) e para intimação do(s) executado(s) e interessados. O Doutor(a) Juiz(a) de Direito da Vara Cível, na forma da lei, FAZ SABER aos que o presente edital virem ou dele conhecimento tiverem, que a leiloeira oficial, devidamente habilitada, levará a público pregão de venda e arrematação, através da plataforma eletrônica www.lancetotal.com.br, o(s) bem(ns) abaixo descrito(s), em conformidade com o disposto nos artigos 879 a 903 do Código de Processo Civil. A 1ª Praça terá início no dia 28/09/2021 às 12h00min e término no dia 01/10/2021 às 12h00min, onde serão aceitos lances iguais ou superiores ao valor da avaliação; não havendo lance, seguir-se-á sem interrupção a 2ª Praça, que se encerrará no dia 22/10/2021 às 12h00min, onde serão aceitos lances mínimos de 60% do valor da avaliação. DESCRIÇÃO DO BEM: Imóvel objeto da matrícula do Cartório de Registro de Imóveis da Comarca, com área, medidas e confrontações descritas na respectiva matrícula, cadastro municipal e demais ônus constantes dos autos. Consta da referida matrícula a existência de benfeitorias, ônus e gravames que deverão ser verificados pelos interessados. AVALIAÇÃO: conforme laudo constante dos autos, a ser atualizado na data da praça. Os débitos de IPTU e demais taxas ficam sub-rogados no preço da arrematação, nos termos do art. 130, parágrafo único, do CTN. O arrematante deverá pagar, além do preço, a comissão da leiloeira de 5% sobre o valor da arrematação, não se incluindo no valor do lance. O pagamento poderá ser realizado à vista ou de forma parcelada, nos termos do art. 895 do CPC. Ficam os executados e demais interessados intimados das datas das praças, caso não localizados pessoalmente. O presente edital será afixado e publicado na forma da lei.

Edital de 1º e 2º Praça do(s) bem(ns) abaixo descrito(s) e para intimação do(s) executado(s) e interessados. O Doutor(a) Juiz(a) de Direito da Vara Cível, na forma da lei, FAZ SABER aos que o presente edital virem ou dele conhecimento tiverem, que a leiloeira oficial, devidamente habilitada, levará a público pregão de venda e arrematação, através da plataforma eletrônica www.lancetotal.com.br, o(s) bem(ns) abaixo descrito(s), em conformidade com o disposto nos artigos 879 a 903 do Código de Processo Civil. A 1ª Praça terá início no dia 28/09/2021 às 12h00min e término no dia 01/10/2021 às 12h00min, onde serão aceitos lances iguais ou superiores ao valor da avaliação; não havendo lance, seguir-se-á sem interrupção a 2ª Praça, que se encerrará no dia 22/10/2021 às 12h00min, onde serão aceitos lances mínimos de 60% do valor da avaliação. DESCRIÇÃO DO BEM: Imóvel objeto da matrícula do Cartório de Registro de Imóveis da Comarca, com área, medidas e confrontações descritas na respectiva matrícula, cadastro municipal e demais ônus constantes dos autos. Consta da referida matrícula a existência de benfeitorias, ônus e gravames que deverão ser verificados pelos interessados. AVALIAÇÃO: conforme laudo constante dos autos, a ser atualizado na data da praça. Os débitos de IPTU e demais taxas ficam sub-rogados no preço da arrematação, nos termos do art. 130, parágrafo único, do CTN. O arrematante deverá pagar, além do preço, a comissão da leiloeira de 5% sobre o valor da arrematação, não se incluindo no valor do lance. O pagamento poderá ser realizado à vista ou de forma parcelada, nos termos do art. 895 do CPC. Ficam os executados e demais interessados intimados das datas das praças, caso não localizados pessoalmente. O presente edital será afixado e publicado na forma da lei.

Edital de 1º e 2º Praça do(s) bem(ns) abaixo descrito(s) e para intimação do(s) executado(s) e interessados. O Doutor(a) Juiz(a) de Direito da Vara Cível, na forma da lei, FAZ SABER aos que o presente edital virem ou dele conhecimento tiverem, que a leiloeira oficial, devidamente habilitada, levará a público pregão de venda e arrematação, através da plataforma eletrônica www.lancetotal.com.br, o(s) bem(ns) abaixo descrito(s), em conformidade com o disposto nos artigos 879 a 903 do Código de Processo Civil. A 1ª Praça terá início no dia 28/09/2021 às 12h00min e término no dia 01/10/2021 às 12h00min, onde serão aceitos lances iguais ou superiores ao valor da avaliação; não havendo lance, seguir-se-á sem interrupção a 2ª Praça, que se encerrará no dia 22/10/2021 às 12h00min, onde serão aceitos lances mínimos de 60% do valor da avaliação. DESCRIÇÃO DO BEM: Imóvel objeto da matrícula do Cartório de Registro de Imóveis da Comarca, com área, medidas e confrontações descritas na respectiva matrícula, cadastro municipal e demais ônus constantes dos autos. Consta da referida matrícula a existência de benfeitorias, ônus e gravames que deverão ser verificados pelos interessados. AVALIAÇÃO: conforme laudo constante dos autos, a ser atualizado na data da praça. Os débitos de IPTU e demais taxas ficam sub-rogados no preço da arrematação, nos termos do art. 130, parágrafo único, do CTN. O arrematante deverá pagar, além do preço, a comissão da leiloeira de 5% sobre o valor da arrematação, não se incluindo no valor do lance. O pagamento poderá ser realizado à vista ou de forma parcelada, nos termos do art. 895 do CPC. Ficam os executados e demais interessados intimados das datas das praças, caso não localizados pessoalmente. O presente edital será afixado e publicado na forma da lei.

WWW.LANCETOTAL.COM.BR

EDITAL DE CITAÇÃO - PRAZO DE 20 DIAS. PROCESSO Nº 1001234-56.2021.8.26.0002. O(A) MM. Juiz(a) de Direito da Vara Cível do Foro Regional, Estado de São Paulo, FAZ SABER a(o) réu que lhe foi proposta uma ação de Procedimento Comum Cível, objetivando a cobrança de valores em aberto. Estando o réu em lugar ignorado, expede-se edital para citação, para que no prazo de 15 dias úteis, que fluirá após o decurso do prazo do presente edital, ofereça contestação, sob pena de presumirem-se aceitos os fatos alegados. Será o presente edital, por extrato, afixado e publicado na forma da lei. NADA MAIS.

EDITAL DE CITAÇÃO - PRAZO DE 20 DIAS. PROCESSO Nº 1001234-56.2021.8.26.0002. O(A) MM. Juiz(a) de Direito da Vara Cível do Foro Regional, Estado de São Paulo, FAZ SABER a(o) réu que lhe foi proposta uma ação de Procedimento Comum Cível, objetivando a cobrança de valores em aberto. Estando o réu em lugar ignorado, expede-se edital para citação, para que no prazo de 15 dias úteis, que fluirá após o decurso do prazo do presente edital, ofereça contestação, sob pena de presumirem-se aceitos os fatos alegados. Será o presente edital, por extrato, afixado e publicado na forma da lei. NADA MAIS.

EDITAL DE CITAÇÃO - PRAZO DE 20 DIAS. PROCESSO Nº 1001234-56.2021.8.26.0002. O(A) MM. Juiz(a) de Direito da Vara Cível do Foro Regional, Estado de São Paulo, FAZ SABER a(o) réu que lhe foi proposta uma ação de Procedimento Comum Cível, objetivando a cobrança de valores em aberto. Estando o réu em lugar ignorado, expede-se edital para citação, para que no prazo de 15 dias úteis, que fluirá após o decurso do prazo do presente edital, ofereça contestação, sob pena de presumirem-se aceitos os fatos alegados. Será o presente edital, por extrato, afixado e publicado na forma da lei. NADA MAIS.

EDITAL DE CITAÇÃO - PRAZO DE 20 DIAS. PROCESSO Nº 1001234-56.2021.8.26.0002. O(A) MM. Juiz(a) de Direito da Vara Cível do Foro Regional, Estado de São Paulo, FAZ SABER a(o) réu que lhe foi proposta uma ação de Procedimento Comum Cível, objetivando a cobrança de valores em aberto. Estando o réu em lugar ignorado, expede-se edital para citação, para que no prazo de 15 dias úteis, que fluirá após o decurso do prazo do presente edital, ofereça contestação, sob pena de presumirem-se aceitos os fatos alegados. Será o presente edital, por extrato, afixado e publicado na forma da lei. NADA MAIS.

EDITAL DE CITAÇÃO - PRAZO DE 20 DIAS. PROCESSO Nº 1001234-56.2021.8.26.0002. O(A) MM. Juiz(a) de Direito da Vara Cível do Foro Regional, Estado de São Paulo, FAZ SABER a(o) réu que lhe foi proposta uma ação de Procedimento Comum Cível, objetivando a cobrança de valores em aberto. Estando o réu em lugar ignorado, expede-se edital para citação, para que no prazo de 15 dias úteis, que fluirá após o decurso do prazo do presente edital, ofereça contestação, sob pena de presumirem-se aceitos os fatos alegados. Será o presente edital, por extrato, afixado e publicado na forma da lei. NADA MAIS.

PREFEITURA MUNICIPAL DE ITARIRI
AVISO DE LICITAÇÃO
PROCESSO Nº. 1.197/2021
TOMADA DE PREÇO Nº. 002/2021
TIPO MENOR PREÇO

ACHA-SE ABERTO NA PREFEITURA MUNICIPAL DE ITARIRI-SP, A LICITAÇÃO MODALIDADE TOMADA DE PREÇO Nº. 002/2021, PARA A CONTRATAÇÃO DE EMPRESA COM FORNECIMENTO DE MATERIAIS E MÃO DE OBRA, OBJETIVANDO A EXECUÇÃO DE SERVIÇOS DE CONSTRUÇÃO DE PONTE EM ADUELAS DE CONCRETO ARMADO, SOBRE O CÓRREGO ÁGUA FRIA, ESTRADA DA ÁGUA FRIA, KM 1,00, NESTE MUNICÍPIO, DE ACORDO COM O MEMORIAL DESCRITIVO, ANEXO I, DESTE EDITAL, EM ATENDIMENTO AO CONVÊNIO Nº. CMIL – 004/6/30/2022, FIRMADO COM O ESTADO DE SÃO PAULO, ATRAVÉS DA CASA MILITAR- COORDENADORIA ESTADUAL DE PROTEÇÃO E DEFESA CIVIL E O MUNICÍPIO DE ITARIRI, CONFORME PROJETO E MEMORIAL DESCRITIVO, ANEXO DO EDITAL.

DATA DA REALIZAÇÃO: DIA 14/10/2021, ÀS 09:00 HORAS. OS ENVELOPES CONTENDO A PROPOSTA E OS DOCUMENTOS DE HABILITAÇÃO SERÃO RECEBIDOS NA SESSÃO DE PROCESSAMENTO LOGO APÓS O CREDENCIAMENTO DOS INTERESSADOS.

LOCAL: SEDE DA PREFEITURA MUNICIPAL DE ITARIRI, SITO À RUA NOSSA SENHORA DO MONTE SERRAT, N. 133, CENTRO, ITARIRI/SP. VALOR ESTIMATIVO:R$ 203.552,48 ( DUZENTOS E TRÊS MIL OITOCENTOS E CINQUENTA E DOIS REAIS E QUARENTA E OITO CENTAVOS).

O EDITAL PODERÁ SER ACESSADO NO SITE OFICIAL DA PREFEITURA DE ITARIRI: WWW.ITARIRI.SP.GOV.BR E TAMBÉM PODERÁ SER OBTIDO NO DEPARTAMENTO DE COMPRAS E LICITAÇÕES DA PREFEITURA MUNICIPAL DE ITARIRI, LOCALIZADA NA RUA NOSSA SENHORA DO MONTE SERRAT, 133, CENTRO – ITARIRI (SP), TELEFONE (13) 34187300.

Edital de Intimação - prazo de 20 dias. Processo nº 1004567-89.2019.8.26.0005. O(A) MM. Juiz(a) de Direito da Vara Cível do Foro Regional, Estado de São Paulo, FAZ SABER ao executado que por este Juízo tramita uma ação de Cumprimento de Sentença, movida por credor, encontrando-se o réu em lugar incerto e não sabido, foi determinada a sua INTIMAÇÃO por EDITAL, para que, no prazo de 15 dias úteis, que fluirá após o decurso do prazo do presente edital, pague a quantia devida, devidamente atualizada, sob pena de multa de 10% sobre o valor do débito e honorários advocatícios de 10%, nos termos do artigo 523 do Código de Processo Civil. Será o presente edital, por extrato, afixado e publicado na forma da lei. NADA MAIS.

Edital de Intimação - prazo de 20 dias. Processo nº 1004567-89.2019.8.26.0005. O(A) MM. Juiz(a) de Direito da Vara Cível do Foro Regional, Estado de São Paulo, FAZ SABER ao executado que por este Juízo tramita uma ação de Cumprimento de Sentença, movida por credor, encontrando-se o réu em lugar incerto e não sabido, foi determinada a sua INTIMAÇÃO por EDITAL, para que, no prazo de 15 dias úteis, que fluirá após o decurso do prazo do presente edital, pague a quantia devida, devidamente atualizada, sob pena de multa de 10% sobre o valor do débito e honorários advocatícios de 10%, nos termos do artigo 523 do Código de Processo Civil. Será o presente edital, por extrato, afixado e publicado na forma da lei. NADA MAIS.

Edital de Intimação - prazo de 20 dias. Processo nº 1004567-89.2019.8.26.0005. O(A) MM. Juiz(a) de Direito da Vara Cível do Foro Regional, Estado de São Paulo, FAZ SABER ao executado que por este Juízo tramita uma ação de Cumprimento de Sentença, movida por credor, encontrando-se o réu em lugar incerto e não sabido, foi determinada a sua INTIMAÇÃO por EDITAL, para que, no prazo de 15 dias úteis, que fluirá após o decurso do prazo do presente edital, pague a quantia devida, devidamente atualizada, sob pena de multa de 10% sobre o valor do débito e honorários advocatícios de 10%, nos termos do artigo 523 do Código de Processo Civil. Será o presente edital, por extrato, afixado e publicado na forma da lei. NADA MAIS.

Edital de Intimação - prazo de 20 dias. Processo nº 1004567-89.2019.8.26.0005. O(A) MM. Juiz(a) de Direito da Vara Cível do Foro Regional, Estado de São Paulo, FAZ SABER ao executado que por este Juízo tramita uma ação de Cumprimento de Sentença, movida por credor, encontrando-se o réu em lugar incerto e não sabido, foi determinada a sua INTIMAÇÃO por EDITAL, para que, no prazo de 15 dias úteis, que fluirá após o decurso do prazo do presente edital, pague a quantia devida, devidamente atualizada, sob pena de multa de 10% sobre o valor do débito e honorários advocatícios de 10%, nos termos do artigo 523 do Código de Processo Civil. Será o presente edital, por extrato, afixado e publicado na forma da lei. NADA MAIS.

Edital de Intimação - prazo de 20 dias. Processo nº 1004567-89.2019.8.26.0005. O(A) MM. Juiz(a) de Direito da Vara Cível do Foro Regional, Estado de São Paulo, FAZ SABER ao executado que por este Juízo tramita uma ação de Cumprimento de Sentença, movida por credor, encontrando-se o réu em lugar incerto e não sabido, foi determinada a sua INTIMAÇÃO por EDITAL, para que, no prazo de 15 dias úteis, que fluirá após o decurso do prazo do presente edital, pague a quantia devida, devidamente atualizada, sob pena de multa de 10% sobre o valor do débito e honorários advocatícios de 10%, nos termos do artigo 523 do Código de Processo Civil. Será o presente edital, por extrato, afixado e publicado na forma da lei. NADA MAIS.

Edital de Intimação - prazo de 20 dias. Processo nº 1004567-89.2019.8.26.0005. O(A) MM. Juiz(a) de Direito da Vara Cível do Foro Regional, Estado de São Paulo, FAZ SABER ao executado que por este Juízo tramita uma ação de Cumprimento de Sentença, movida por credor, encontrando-se o réu em lugar incerto e não sabido, foi determinada a sua INTIMAÇÃO por EDITAL, para que, no prazo de 15 dias úteis, que fluirá após o decurso do prazo do presente edital, pague a quantia devida, devidamente atualizada, sob pena de multa de 10% sobre o valor do débito e honorários advocatícios de 10%, nos termos do artigo 523 do Código de Processo Civil. Será o presente edital, por extrato, afixado e publicado na forma da lei. NADA MAIS.

Edital de Intimação - prazo de 20 dias. Processo nº 1004567-89.2019.8.26.0005. O(A) MM. Juiz(a) de Direito da Vara Cível do Foro Regional, Estado de São Paulo, FAZ SABER ao executado que por este Juízo tramita uma ação de Cumprimento de Sentença, movida por credor, encontrando-se o réu em lugar incerto e não sabido, foi determinada a sua INTIMAÇÃO por EDITAL, para que, no prazo de 15 dias úteis, que fluirá após o decurso do prazo do presente edital, pague a quantia devida, devidamente atualizada, sob pena de multa de 10% sobre o valor do débito e honorários advocatícios de 10%, nos termos do artigo 523 do Código de Processo Civil. Será o presente edital, por extrato, afixado e publicado na forma da lei. NADA MAIS.

Edital de Intimação - prazo de 20 dias. Processo nº 1004567-89.2019.8.26.0005. O(A) MM. Juiz(a) de Direito da Vara Cível do Foro Regional, Estado de São Paulo, FAZ SABER ao executado que por este Juízo tramita uma ação de Cumprimento de Sentença, movida por credor, encontrando-se o réu em lugar incerto e não sabido, foi determinada a sua INTIMAÇÃO por EDITAL, para que, no prazo de 15 dias úteis, que fluirá após o decurso do prazo do presente edital, pague a quantia devida, devidamente atualizada, sob pena de multa de 10% sobre o valor do débito e honorários advocatícios de 10%, nos termos do artigo 523 do Código de Processo Civil. Será o presente edital, por extrato, afixado e publicado na forma da lei. NADA MAIS.

Edital de Intimação - prazo de 20 dias. Processo nº 1004567-89.2019.8.26.0005. O(A) MM. Juiz(a) de Direito da Vara Cível do Foro Regional, Estado de São Paulo, FAZ SABER ao executado que por este Juízo tramita uma ação de Cumprimento de Sentença, movida por credor, encontrando-se o réu em lugar incerto e não sabido, foi determinada a sua INTIMAÇÃO por EDITAL, para que, no prazo de 15 dias úteis, que fluirá após o decurso do prazo do presente edital, pague a quantia devida, devidamente atualizada, sob pena de multa de 10% sobre o valor do débito e honorários advocatícios de 10%, nos termos do artigo 523 do Código de Processo Civil. Será o presente edital, por extrato, afixado e publicado na forma da lei. NADA MAIS.

Edital de Intimação - prazo de 20 dias. Processo nº 1004567-89.2019.8.26.0005. O(A) MM. Juiz(a) de Direito da Vara Cível do Foro Regional, Estado de São Paulo, FAZ SABER ao executado que por este Juízo tramita uma ação de Cumprimento de Sentença, movida por credor, encontrando-se o réu em lugar incerto e não sabido, foi determinada a sua INTIMAÇÃO por EDITAL, para que, no prazo de 15 dias úteis, que fluirá após o decurso do prazo do presente edital, pague a quantia devida, devidamente atualizada, sob pena de multa de 10% sobre o valor do débito e honorários advocatícios de 10%, nos termos do artigo 523 do Código de Processo Civil. Será o presente edital, por extrato, afixado e publicado na forma da lei. NADA MAIS.

Edital de Intimação - prazo de 20 dias. Processo nº 1004567-89.2019.8.26.0005. O(A) MM. Juiz(a) de Direito da Vara Cível do Foro Regional, Estado de São Paulo, FAZ SABER ao executado que por este Juízo tramita uma ação de Cumprimento de Sentença, movida por credor, encontrando-se o réu em lugar incerto e não sabido, foi determinada a sua INTIMAÇÃO por EDITAL, para que, no prazo de 15 dias úteis, que fluirá após o decurso do prazo do presente edital, pague a quantia devida, devidamente atualizada, sob pena de multa de 10% sobre o valor do débito e honorários advocatícios de 10%, nos termos do artigo 523 do Código de Processo Civil. Será o presente edital, por extrato, afixado e publicado na forma da lei. NADA MAIS.

Edital de Intimação - prazo de 20 dias. Processo nº 1004567-89.2019.8.26.0005. O(A) MM. Juiz(a) de Direito da Vara Cível do Foro Regional, Estado de São Paulo, FAZ SABER ao executado que por este Juízo tramita uma ação de Cumprimento de Sentença, movida por credor, encontrando-se o réu em lugar incerto e não sabido, foi determinada a sua INTIMAÇÃO por EDITAL, para que, no prazo de 15 dias úteis, que fluirá após o decurso do prazo do presente edital, pague a quantia devida, devidamente atualizada, sob pena de multa de 10% sobre o valor do débito e honorários advocatícios de 10%, nos termos do artigo 523 do Código de Processo Civil. Será o presente edital, por extrato, afixado e publicado na forma da lei. NADA MAIS.

Edital de Intimação - prazo de 20 dias. Processo nº 1004567-89.2019.8.26.0005. O(A) MM. Juiz(a) de Direito da Vara Cível do Foro Regional, Estado de São Paulo, FAZ SABER ao executado que por este Juízo tramita uma ação de Cumprimento de Sentença, movida por credor, encontrando-se o réu em lugar incerto e não sabido, foi determinada a sua INTIMAÇÃO por EDITAL, para que, no prazo de 15 dias úteis, que fluirá após o decurso do prazo do presente edital, pague a quantia devida, devidamente atualizada, sob pena de multa de 10% sobre o valor do débito e honorários advocatícios de 10%, nos termos do artigo 523 do Código de Processo Civil. Será o presente edital, por extrato, afixado e publicado na forma da lei. NADA MAIS.

Edital de Intimação - prazo de 20 dias. Processo nº 1004567-89.2019.8.26.0005. O(A) MM. Juiz(a) de Direito da Vara Cível do Foro Regional, Estado de São Paulo, FAZ SABER ao executado que por este Juízo tramita uma ação de Cumprimento de Sentença, movida por credor, encontrando-se o réu em lugar incerto e não sabido, foi determinada a sua INTIMAÇÃO por EDITAL, para que, no prazo de 15 dias úteis, que fluirá após o decurso do prazo do presente edital, pague a quantia devida, devidamente atualizada, sob pena de multa de 10% sobre o valor do débito e honorários advocatícios de 10%, nos termos do artigo 523 do Código de Processo Civil. Será o presente edital, por extrato, afixado e publicado na forma da lei. NADA MAIS.

Edital de Intimação - prazo de 20 dias. Processo nº 1004567-89.2019.8.26.0005. O(A) MM. Juiz(a) de Direito da Vara Cível do Foro Regional, Estado de São Paulo, FAZ SABER ao executado que por este Juízo tramita uma ação de Cumprimento de Sentença, movida por credor, encontrando-se o réu em lugar incerto e não sabido, foi determinada a sua INTIMAÇÃO por EDITAL, para que, no prazo de 15 dias úteis, que fluirá após o decurso do prazo do presente edital, pague a quantia devida, devidamente atualizada, sob pena de multa de 10% sobre o valor do débito e honorários advocatícios de 10%, nos termos do artigo 523 do Código de Processo Civil. Será o presente edital, por extrato, afixado e publicado na forma da lei. NADA MAIS.

Edital de Intimação - prazo de 20 dias. Processo nº 1004567-89.2019.8.26.0005. O(A) MM. Juiz(a) de Direito da Vara Cível do Foro Regional, Estado de São Paulo, FAZ SABER ao executado que por este Juízo tramita uma ação de Cumprimento de Sentença, movida por credor, encontrando-se o réu em lugar incerto e não sabido, foi determinada a sua INTIMAÇÃO por EDITAL, para que, no prazo de 15 dias úteis, que fluirá após o decurso do prazo do presente edital, pague a quantia devida, devidamente atualizada, sob pena de multa de 10% sobre o valor do débito e honorários advocatícios de 10%, nos termos do artigo 523 do Código de Processo Civil. Será o presente edital, por extrato, afixado e publicado na forma da lei. NADA MAIS.

Edital de Intimação - prazo de 20 dias. Processo nº 1004567-89.2019.8.26.0005. O(A) MM. Juiz(a) de Direito da Vara Cível do Foro Regional, Estado de São Paulo, FAZ SABER ao executado que por este Juízo tramita uma ação de Cumprimento de Sentença, movida por credor, encontrando-se o réu em lugar incerto e não sabido, foi determinada a sua INTIMAÇÃO por EDITAL, para que, no prazo de 15 dias úteis, que fluirá após o decurso do prazo do presente edital, pague a quantia devida, devidamente atualizada, sob pena de multa de 10% sobre o valor do débito e honorários advocatícios de 10%, nos termos do artigo 523 do Código de Processo Civil. Será o presente edital, por extrato, afixado e publicado na forma da lei. NADA MAIS.

Edital de Intimação - prazo de 20 dias. Processo nº 1004567-89.2019.8.26.0005. O(A) MM. Juiz(a) de Direito da Vara Cível do Foro Regional, Estado de São Paulo, FAZ SABER ao executado que por este Juízo tramita uma ação de Cumprimento de Sentença, movida por credor, encontrando-se o réu em lugar incerto e não sabido, foi determinada a sua INTIMAÇÃO por EDITAL, para que, no prazo de 15 dias úteis, que fluirá após o decurso do prazo do presente edital, pague a quantia devida, devidamente atualizada, sob pena de multa de 10% sobre o valor do débito e honorários advocatícios de 10%, nos termos do artigo 523 do Código de Processo Civil. Será o presente edital, por extrato, afixado e publicado na forma da lei. NADA MAIS.

Edital de Intimação - prazo de 20 dias. Processo nº 1004567-89.2019.8.26.0005. O(A) MM. Juiz(a) de Direito da Vara Cível do Foro Regional, Estado de São Paulo, FAZ SABER ao executado que por este Juízo tramita uma ação de Cumprimento de Sentença, movida por credor, encontrando-se o réu em lugar incerto e não sabido, foi determinada a sua INTIMAÇÃO por EDITAL, para que, no prazo de 15 dias úteis, que fluirá após o decurso do prazo do presente edital, pague a quantia devida, devidamente atualizada, sob pena de multa de 10% sobre o valor do débito e honorários advocatícios de 10%, nos termos do artigo 523 do Código de Processo Civil. Será o presente edital, por extrato, afixado e publicado na forma da lei. NADA MAIS.

Edital de Intimação - prazo de 20 dias. Processo nº 1004567-89.2019.8.26.0005. O(A) MM. Juiz(a) de Direito da Vara Cível do Foro Regional, Estado de São Paulo, FAZ SABER ao executado que por este Juízo tramita uma ação de Cumprimento de Sentença, movida por credor, encontrando-se o réu em lugar incerto e não sabido, foi determinada a sua INTIMAÇÃO por EDITAL, para que, no prazo de 15 dias úteis, que fluirá após o decurso do prazo do presente edital, pague a quantia devida, devidamente atualizada, sob pena de multa de 10% sobre o valor do débito e honorários advocatícios de 10%, nos termos do artigo 523 do Código de Processo Civil. Será o presente edital, por extrato, afixado e publicado na forma da lei. NADA MAIS.
